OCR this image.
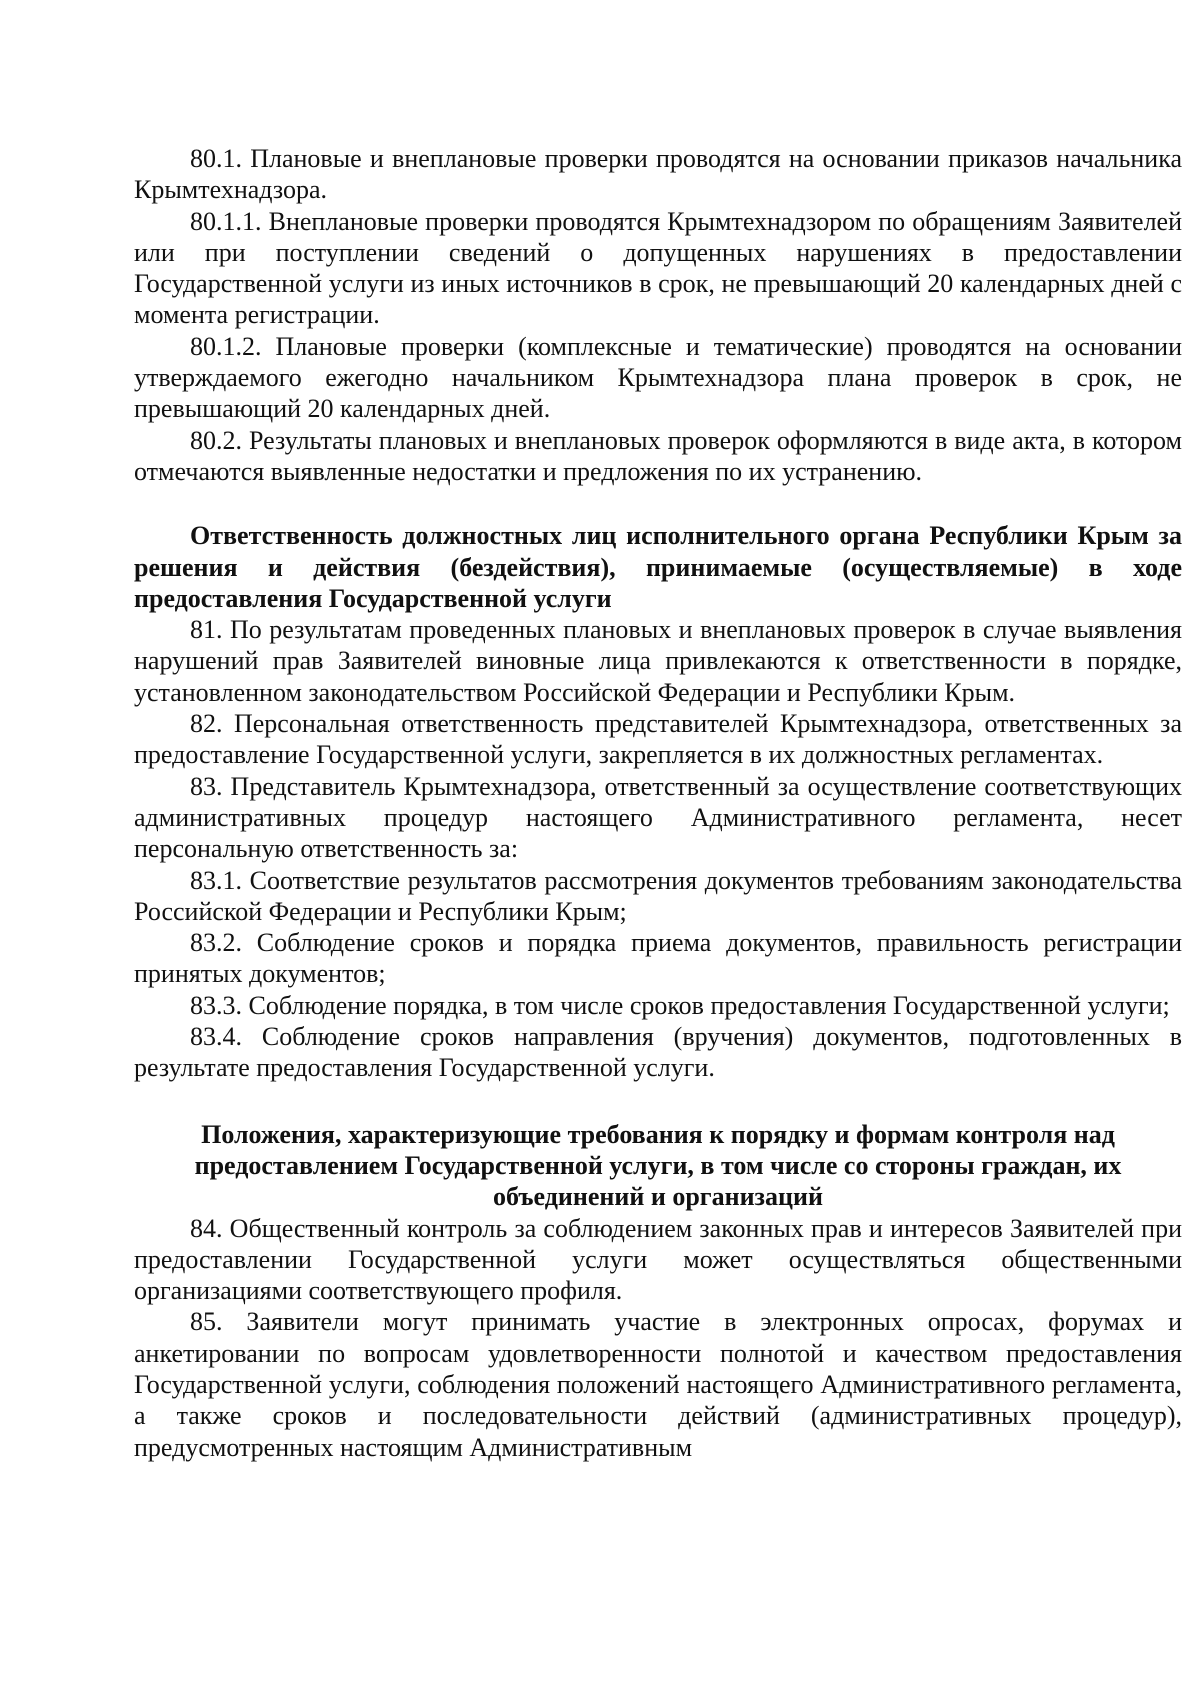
80.1. Плановые и внеплановые проверки проводятся на основании приказов начальника Крымтехнадзора.

80.1.1. Внеплановые проверки проводятся Крымтехнадзором по обращениям Заявителей или при поступлении сведений о допущенных нарушениях в предоставлении Государственной услуги из иных источников в срок, не превышающий 20 календарных дней с момента регистрации.

80.1.2. Плановые проверки (комплексные и тематические) проводятся на основании утверждаемого ежегодно начальником Крымтехнадзора плана проверок в срок, не превышающий 20 календарных дней.

80.2. Результаты плановых и внеплановых проверок оформляются в виде акта, в котором отмечаются выявленные недостатки и предложения по их устранению.

Ответственность должностных лиц исполнительного органа Республики Крым за решения и действия (бездействия), принимаемые (осуществляемые) в ходе предоставления Государственной услуги

81. По результатам проведенных плановых и внеплановых проверок в случае выявления нарушений прав Заявителей виновные лица привлекаются к ответственности в порядке, установленном законодательством Российской Федерации и Республики Крым.

82. Персональная ответственность представителей Крымтехнадзора, ответственных за предоставление Государственной услуги, закрепляется в их должностных регламентах.

83. Представитель Крымтехнадзора, ответственный за осуществление соответствующих административных процедур настоящего Административного регламента, несет персональную ответственность за:

83.1. Соответствие результатов рассмотрения документов требованиям законодательства Российской Федерации и Республики Крым;

83.2. Соблюдение сроков и порядка приема документов, правильность регистрации принятых документов;

83.3. Соблюдение порядка, в том числе сроков предоставления Государственной услуги;

83.4. Соблюдение сроков направления (вручения) документов, подготовленных в результате предоставления Государственной услуги.

Положения, характеризующие требования к порядку и формам контроля над предоставлением Государственной услуги, в том числе со стороны граждан, их объединений и организаций

84. Общественный контроль за соблюдением законных прав и интересов Заявителей при предоставлении Государственной услуги может осуществляться общественными организациями соответствующего профиля.

85. Заявители могут принимать участие в электронных опросах, форумах и анкетировании по вопросам удовлетворенности полнотой и качеством предоставления Государственной услуги, соблюдения положений настоящего Административного регламента, а также сроков и последовательности действий (административных процедур), предусмотренных настоящим Административным
